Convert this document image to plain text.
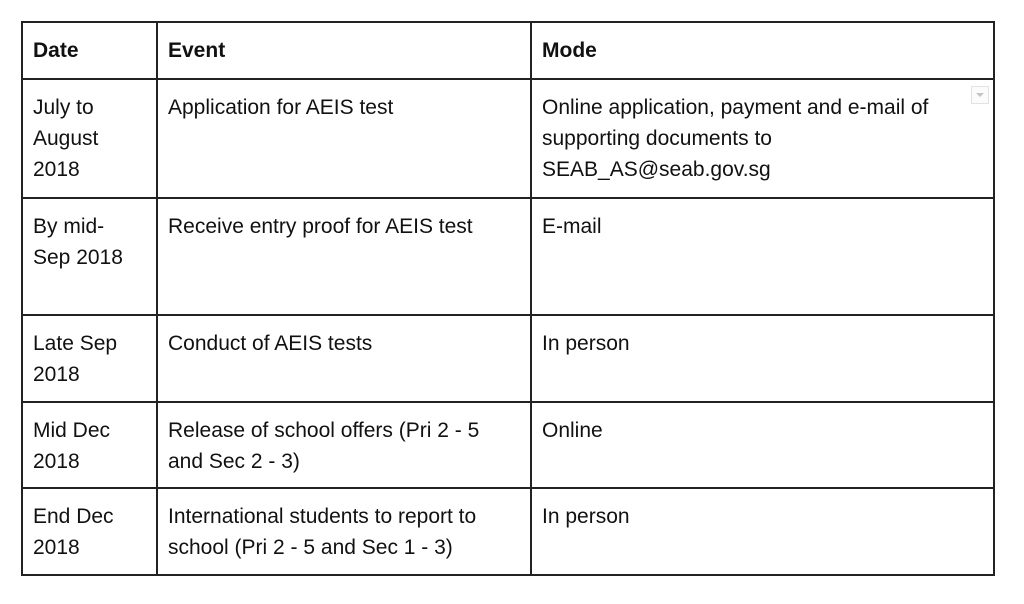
Date	Event	Mode

July to August 2018	Application for AEIS test	Online application, payment and e-mail of supporting documents to SEAB_AS@seab.gov.sg

By mid-Sep 2018	Receive entry proof for AEIS test	E-mail

Late Sep 2018	Conduct of AEIS tests	In person

Mid Dec 2018	Release of school offers (Pri 2 - 5 and Sec 2 - 3)	Online

End Dec 2018	International students to report to school (Pri 2 - 5 and Sec 1 - 3)	In person
